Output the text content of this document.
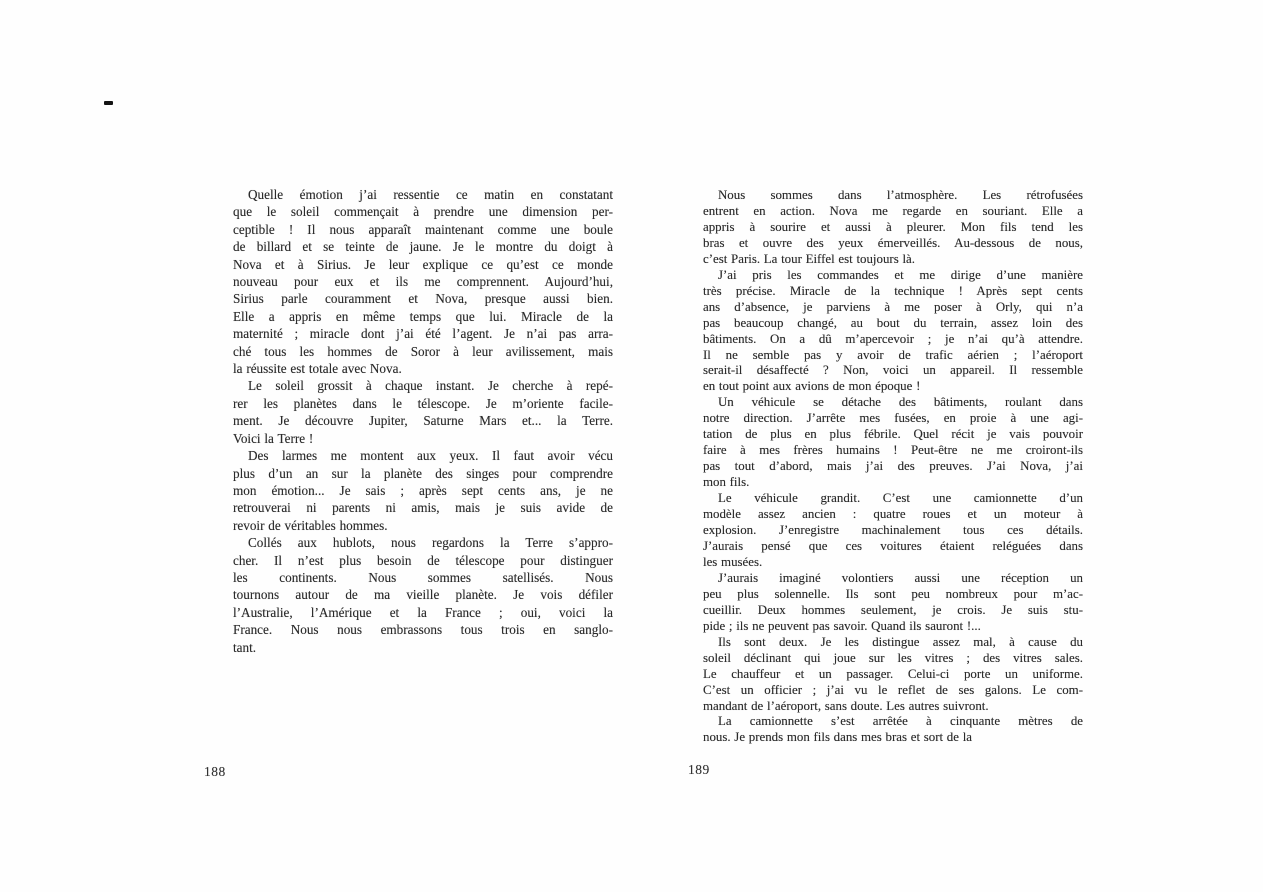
Quelle émotion j’ai ressentie ce matin en constatant
que le soleil commençait à prendre une dimension per-
ceptible ! Il nous apparaît maintenant comme une boule
de billard et se teinte de jaune. Je le montre du doigt à
Nova et à Sirius. Je leur explique ce qu’est ce monde
nouveau pour eux et ils me comprennent. Aujourd’hui,
Sirius parle couramment et Nova, presque aussi bien.
Elle a appris en même temps que lui. Miracle de la
maternité ; miracle dont j’ai été l’agent. Je n’ai pas arra-
ché tous les hommes de Soror à leur avilissement, mais
la réussite est totale avec Nova.
Le soleil grossit à chaque instant. Je cherche à repé-
rer les planètes dans le télescope. Je m’oriente facile-
ment. Je découvre Jupiter, Saturne Mars et... la Terre.
Voici la Terre !
Des larmes me montent aux yeux. Il faut avoir vécu
plus d’un an sur la planète des singes pour comprendre
mon émotion... Je sais ; après sept cents ans, je ne
retrouverai ni parents ni amis, mais je suis avide de
revoir de véritables hommes.
Collés aux hublots, nous regardons la Terre s’appro-
cher. Il n’est plus besoin de télescope pour distinguer
les continents. Nous sommes satellisés. Nous
tournons autour de ma vieille planète. Je vois défiler
l’Australie, l’Amérique et la France ; oui, voici la
France. Nous nous embrassons tous trois en sanglo-
tant.
Nous sommes dans l’atmosphère. Les rétrofusées
entrent en action. Nova me regarde en souriant. Elle a
appris à sourire et aussi à pleurer. Mon fils tend les
bras et ouvre des yeux émerveillés. Au-dessous de nous,
c’est Paris. La tour Eiffel est toujours là.
J’ai pris les commandes et me dirige d’une manière
très précise. Miracle de la technique ! Après sept cents
ans d’absence, je parviens à me poser à Orly, qui n’a
pas beaucoup changé, au bout du terrain, assez loin des
bâtiments. On a dû m’apercevoir ; je n’ai qu’à attendre.
Il ne semble pas y avoir de trafic aérien ; l’aéroport
serait-il désaffecté ? Non, voici un appareil. Il ressemble
en tout point aux avions de mon époque !
Un véhicule se détache des bâtiments, roulant dans
notre direction. J’arrête mes fusées, en proie à une agi-
tation de plus en plus fébrile. Quel récit je vais pouvoir
faire à mes frères humains ! Peut-être ne me croiront-ils
pas tout d’abord, mais j’ai des preuves. J’ai Nova, j’ai
mon fils.
Le véhicule grandit. C’est une camionnette d’un
modèle assez ancien : quatre roues et un moteur à
explosion. J’enregistre machinalement tous ces détails.
J’aurais pensé que ces voitures étaient reléguées dans
les musées.
J’aurais imaginé volontiers aussi une réception un
peu plus solennelle. Ils sont peu nombreux pour m’ac-
cueillir. Deux hommes seulement, je crois. Je suis stu-
pide ; ils ne peuvent pas savoir. Quand ils sauront !...
Ils sont deux. Je les distingue assez mal, à cause du
soleil déclinant qui joue sur les vitres ; des vitres sales.
Le chauffeur et un passager. Celui-ci porte un uniforme.
C’est un officier ; j’ai vu le reflet de ses galons. Le com-
mandant de l’aéroport, sans doute. Les autres suivront.
La camionnette s’est arrêtée à cinquante mètres de
nous. Je prends mon fils dans mes bras et sort de la
188	189
